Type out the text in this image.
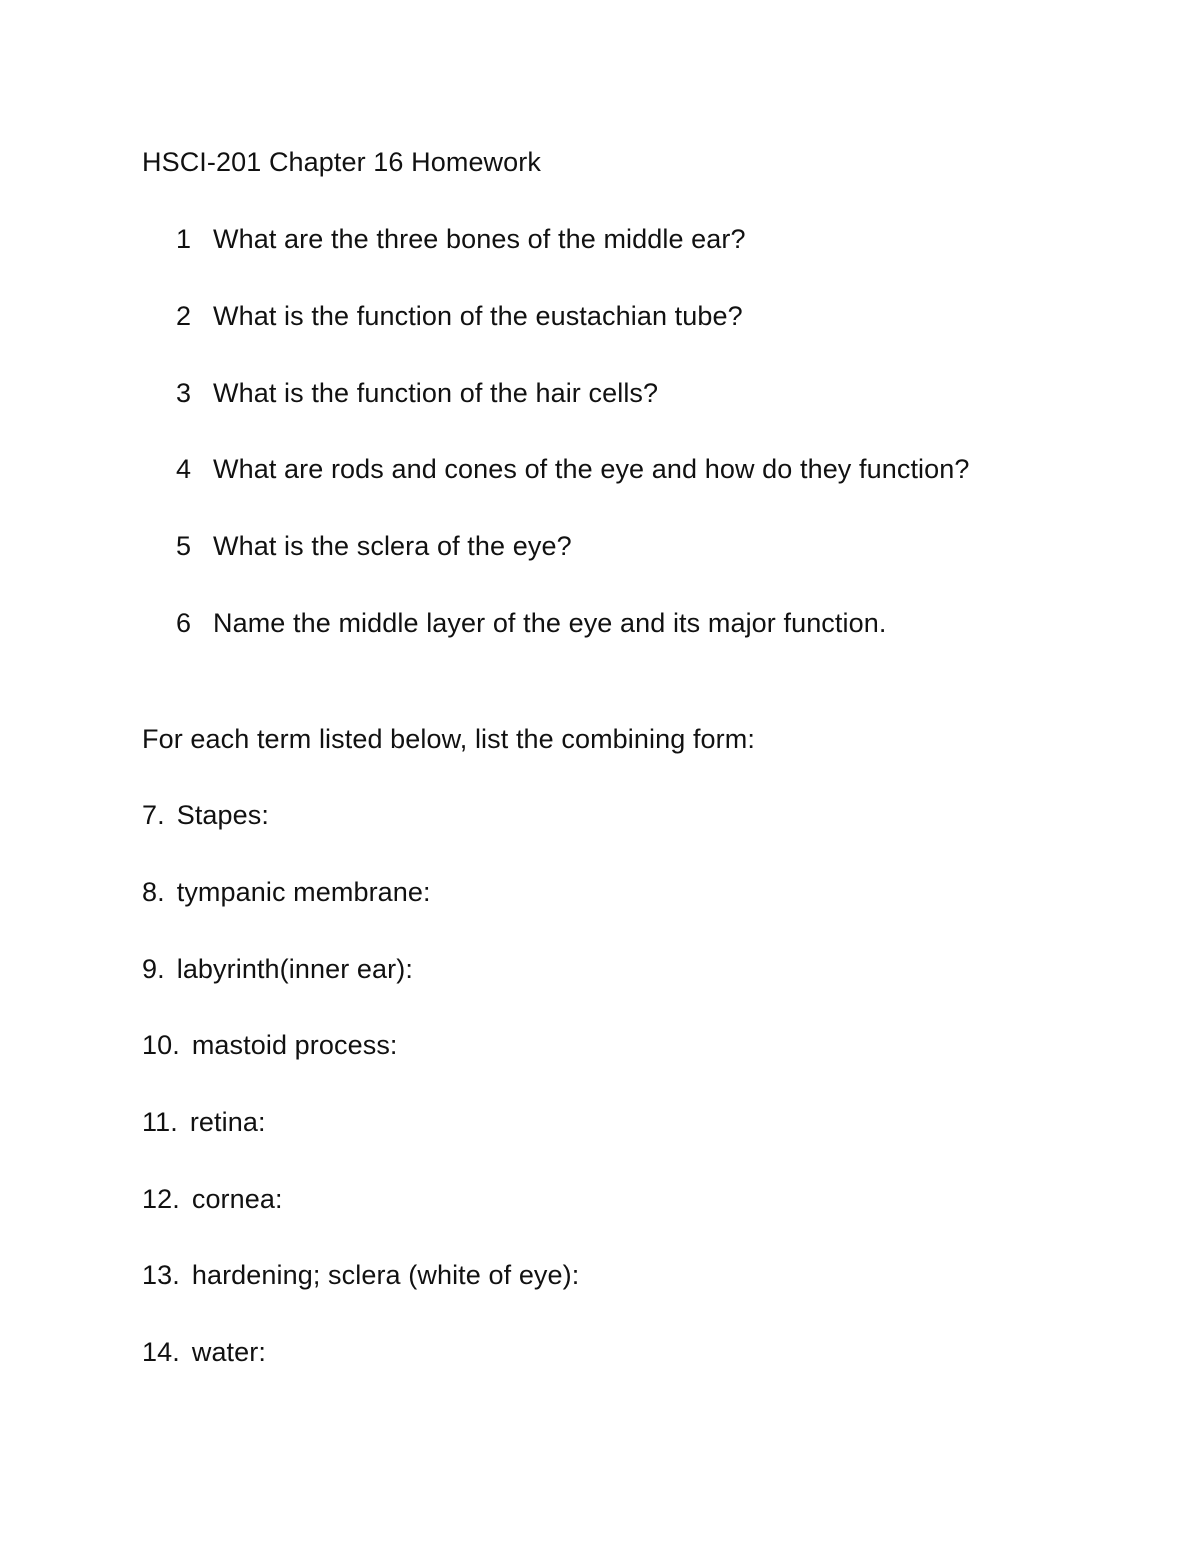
HSCI-201 Chapter 16 Homework
1 What are the three bones of the middle ear?
2 What is the function of the eustachian tube?
3 What is the function of the hair cells?
4 What are rods and cones of the eye and how do they function?
5 What is the sclera of the eye?
6 Name the middle layer of the eye and its major function.
For each term listed below, list the combining form:
7. Stapes:
8. tympanic membrane:
9. labyrinth(inner ear):
10. mastoid process:
11. retina:
12. cornea:
13. hardening; sclera (white of eye):
14. water:
